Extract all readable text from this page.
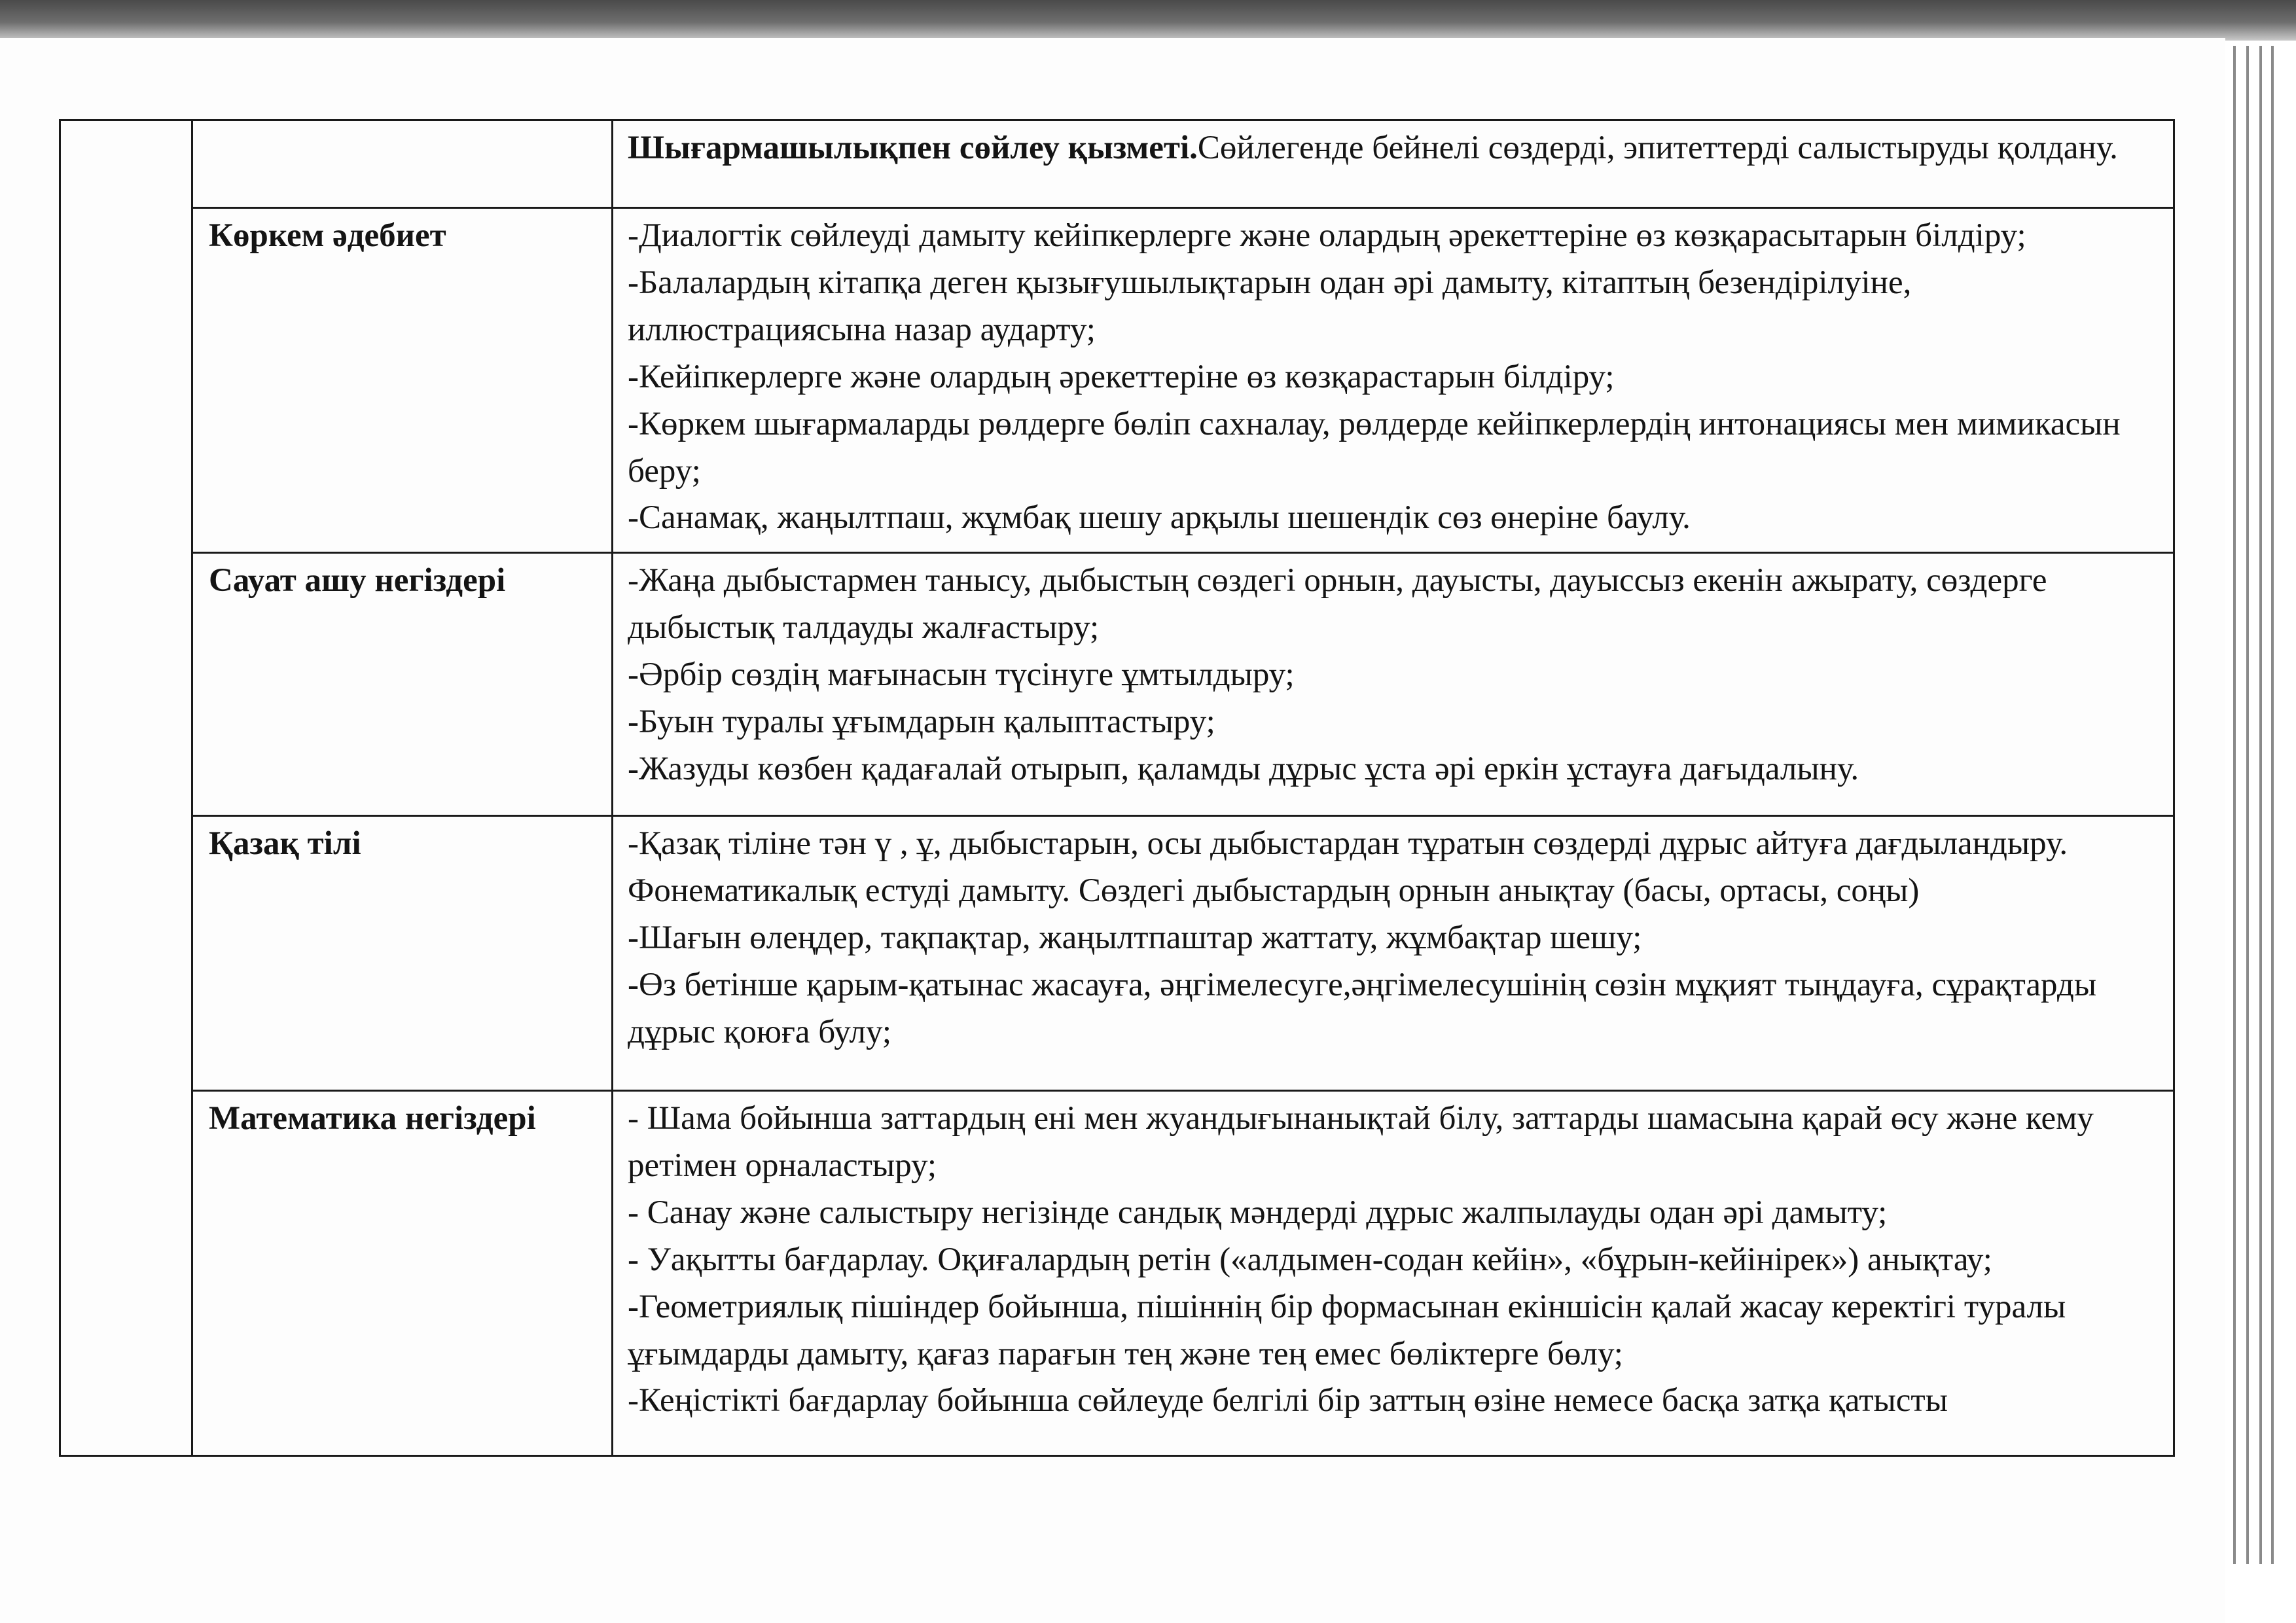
		Шығармашылықпен сөйлеу қызметі.Сөйлегенде бейнелі сөздерді, эпитеттерді салыстыруды қолдану.
	Көркем әдебиет	-Диалогтік сөйлеуді дамыту кейіпкерлерге және олардың әрекеттеріне өз көзқарасытарын білдіру;
-Балалардың кітапқа деген қызығушылықтарын одан әрі дамыту, кітаптың безендірілуіне, иллюстрациясына назар аударту;
-Кейіпкерлерге және олардың әрекеттеріне өз көзқарастарын білдіру;
-Көркем шығармаларды рөлдерге бөліп сахналау, рөлдерде кейіпкерлердің интонациясы мен мимикасын беру;
-Санамақ, жаңылтпаш, жұмбақ шешу арқылы шешендік сөз өнеріне баулу.

	Сауат ашу негіздері	-Жаңа дыбыстармен танысу, дыбыстың сөздегі орнын, дауысты, дауыссыз екенін ажырату, сөздерге дыбыстық талдауды жалғастыру;
-Әрбір сөздің мағынасын түсінуге ұмтылдыру;
-Буын туралы ұғымдарын қалыптастыру;
-Жазуды көзбен қадағалай отырып, қаламды дұрыс ұста әрі еркін ұстауға дағыдалыну.

	Қазақ тілі	-Қазақ тіліне тән ү , ұ, дыбыстарын, осы дыбыстардан тұратын сөздерді дұрыс айтуға дағдыландыру. Фонематикалық естуді дамыту. Сөздегі дыбыстардың орнын анықтау (басы, ортасы, соңы)
-Шағын өлеңдер, тақпақтар, жаңылтпаштар жаттату, жұмбақтар шешу;
-Өз бетінше қарым-қатынас жасауға, әңгімелесуге,әңгімелесушінің сөзін мұқият тыңдауға, сұрақтарды дұрыс қоюға булу;

	Математика негіздері	- Шама бойынша заттардың ені мен жуандығынанықтай білу, заттарды шамасына қарай өсу және кему ретімен орналастыру;
- Санау және салыстыру негізінде сандық мәндерді дұрыс жалпылауды одан әрі дамыту;
- Уақытты бағдарлау. Оқиғалардың ретін («алдымен-содан кейін», «бұрын-кейінірек») анықтау;
-Геометриялық пішіндер бойынша, пішіннің бір формасынан екіншісін қалай жасау керектігі туралы ұғымдарды дамыту, қағаз парағын тең және тең емес бөліктерге бөлу;
-Кеңістікті бағдарлау бойынша сөйлеуде белгілі бір заттың өзіне немесе басқа затқа қатысты
